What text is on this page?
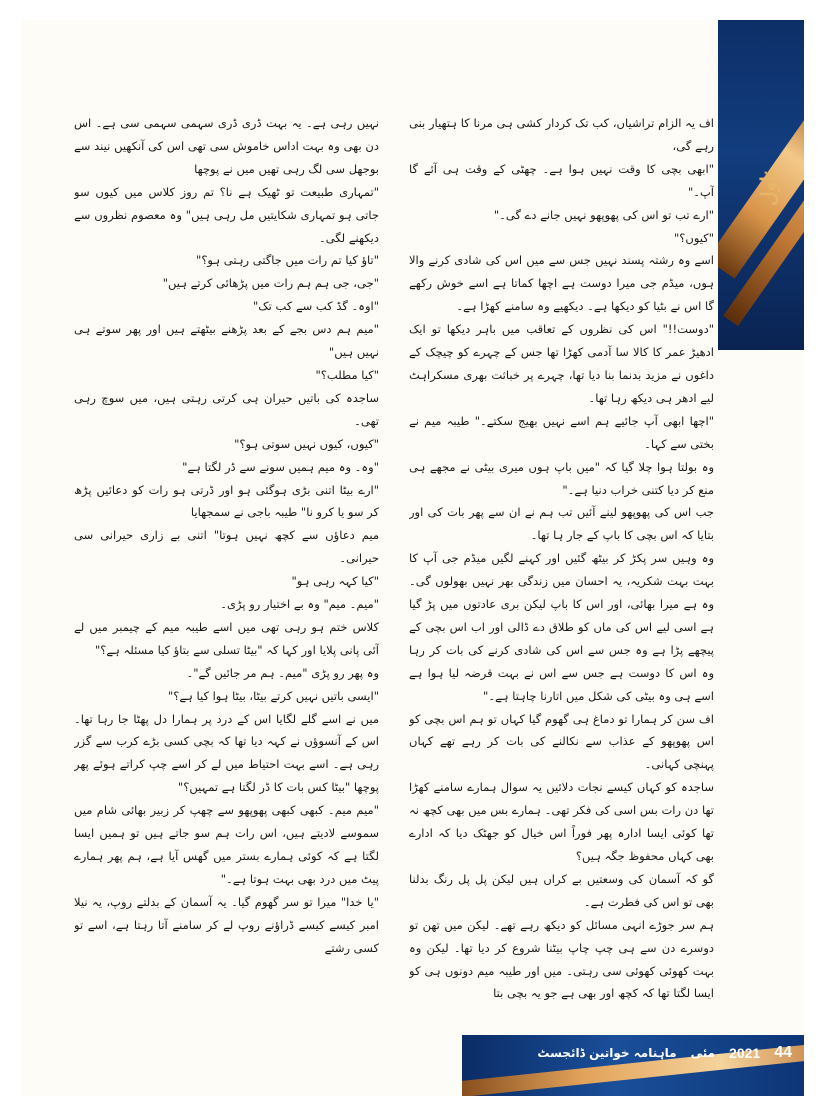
ناول

اف یہ الزام تراشیاں، کب تک کردار کشی ہی مرنا کا ہتھیار بنی رہے گی،

"ابھی بچی کا وقت نہیں ہوا ہے۔ چھٹی کے وقت ہی آئے گا آپ۔"

"ارے تب تو اس کی پھوپھو نہیں جانے دے گی۔"

"کیوں؟"

اسے وہ رشتہ پسند نہیں جس سے میں اس کی شادی کرنے والا ہوں، میڈم جی میرا دوست ہے اچھا کماتا ہے اسے خوش رکھے گا اس نے بٹیا کو دیکھا ہے۔ دیکھیے وہ سامنے کھڑا ہے۔

"دوست!!" اس کی نظروں کے تعاقب میں باہر دیکھا تو ایک ادھیڑ عمر کا کالا سا آدمی کھڑا تھا جس کے چہرے کو چیچک کے داغوں نے مزید بدنما بنا دیا تھا، چہرے پر خباثت بھری مسکراہٹ لیے ادھر ہی دیکھ رہا تھا۔

"اچھا ابھی آپ جائیے ہم اسے نہیں بھیج سکتے۔" طیبہ میم نے بختی سے کہا۔

وہ بولتا ہوا چلا گیا کہ "میں باپ ہوں میری بیٹی نے مجھے ہی منع کر دیا کتنی خراب دنیا ہے۔"

جب اس کی پھوپھو لینے آئیں تب ہم نے ان سے پھر بات کی اور بتایا کہ اس بچی کا باپ کے جار ہا تھا۔

وہ وہیں سر پکڑ کر بیٹھ گئیں اور کہنے لگیں میڈم جی آپ کا بہت بہت شکریہ، یہ احسان میں زندگی بھر نہیں بھولوں گی۔ وہ ہے میرا بھائی، اور اس کا باپ لیکن بری عادتوں میں پڑ گیا ہے اسی لیے اس کی ماں کو طلاق دے ڈالی اور اب اس بچی کے پیچھے پڑا ہے وہ جس سے اس کی شادی کرنے کی بات کر رہا وہ اس کا دوست ہے جس سے اس نے بہت قرضہ لیا ہوا ہے اسے ہی وہ بیٹی کی شکل میں اتارنا چاہتا ہے۔"

اف سن کر ہمارا تو دماغ ہی گھوم گیا کہاں تو ہم اس بچی کو اس پھوپھو کے عذاب سے نکالنے کی بات کر رہے تھے کہاں پہنچی کہانی۔

ساجدہ کو کہاں کیسے نجات دلائیں یہ سوال ہمارے سامنے کھڑا تھا دن رات بس اسی کی فکر تھی۔ ہمارے بس میں بھی کچھ نہ تھا کوئی ایسا ادارہ پھر فوراً اس خیال کو جھٹک دیا کہ ادارے بھی کہاں محفوظ جگہ ہیں؟

گو کہ آسمان کی وسعتیں بے کراں ہیں لیکن پل پل رنگ بدلنا بھی تو اس کی فطرت ہے۔

ہم سر جوڑے انہی مسائل کو دیکھ رہے تھے۔ لیکن میں تھن تو دوسرے دن سے ہی چپ چاپ بیٹنا شروع کر دیا تھا۔ لیکن وہ بہت کھوئی کھوئی سی رہتی۔ میں اور طیبہ میم دونوں ہی کو ایسا لگتا تھا کہ کچھ اور بھی ہے جو یہ بچی بتا

نہیں رہی ہے۔ یہ بہت ڈری ڈری سہمی سہمی سی ہے۔ اس دن بھی وہ بہت اداس خاموش سی تھی اس کی آنکھیں نیند سے بوجھل سی لگ رہی تھیں میں نے پوچھا

"تمہاری طبیعت تو ٹھیک ہے نا؟ تم روز کلاس میں کیوں سو جاتی ہو تمہاری شکایتیں مل رہی ہیں" وہ معصوم نظروں سے دیکھنے لگی۔

"تاؤ کیا تم رات میں جاگتی رہتی ہو؟"

"جی، جی ہم ہم رات میں پڑھائی کرتے ہیں"

"اوہ۔ گڈ کب سے کب تک"

"میم ہم دس بجے کے بعد پڑھنے بیٹھتے ہیں اور پھر سوتے ہی نہیں ہیں"

"کیا مطلب؟"

ساجدہ کی باتیں حیران ہی کرتی رہتی ہیں، میں سوچ رہی تھی۔

"کیوں، کیوں نہیں سوتی ہو؟"

"وہ۔ وہ میم ہمیں سونے سے ڈر لگتا ہے"

"ارے بیٹا اتنی بڑی ہوگئی ہو اور ڈرتی ہو رات کو دعائیں پڑھ کر سو یا کرو نا" طیبہ باجی نے سمجھایا

میم دعاؤں سے کچھ نہیں ہوتا" اتنی بے زاری حیرانی سی حیرانی۔

"کیا کہہ رہی ہو"

"میم۔ میم" وہ بے اختیار رو پڑی۔

کلاس ختم ہو رہی تھی میں اسے طیبہ میم کے چیمبر میں لے آئی پانی پلایا اور کہا کہ "بیٹا تسلی سے بتاؤ کیا مسئلہ ہے؟"

وہ پھر رو پڑی "میم۔ ہم مر جائیں گے"۔

"ایسی باتیں نہیں کرتے بیٹا، بیٹا ہوا کیا ہے؟"

میں نے اسے گلے لگایا اس کے درد پر ہمارا دل پھٹا جا رہا تھا۔ اس کے آنسوؤں نے کہہ دیا تھا کہ بچی کسی بڑے کرب سے گزر رہی ہے۔ اسے بہت احتیاط میں لے کر اسے چپ کراتے ہوئے پھر پوچھا "بیٹا کس بات کا ڈر لگتا ہے تمہیں؟"

"میم میم۔ کبھی کبھی پھوپھو سے چھپ کر زبیر بھائی شام میں سموسے لادیتے ہیں، اس رات ہم سو جاتے ہیں تو ہمیں ایسا لگتا ہے کہ کوئی ہمارے بستر میں گھس آیا ہے، ہم پھر ہمارے پیٹ میں درد بھی بہت ہوتا ہے۔"

"یا خدا" میرا تو سر گھوم گیا۔ یہ آسمان کے بدلتے روپ، یہ نیلا امبر کیسے کیسے ڈراؤنے روپ لے کر سامنے آتا رہتا ہے، اسے تو کسی رشتے

44
2021
مئی
ماہنامہ خواتین ڈائجسٹ
